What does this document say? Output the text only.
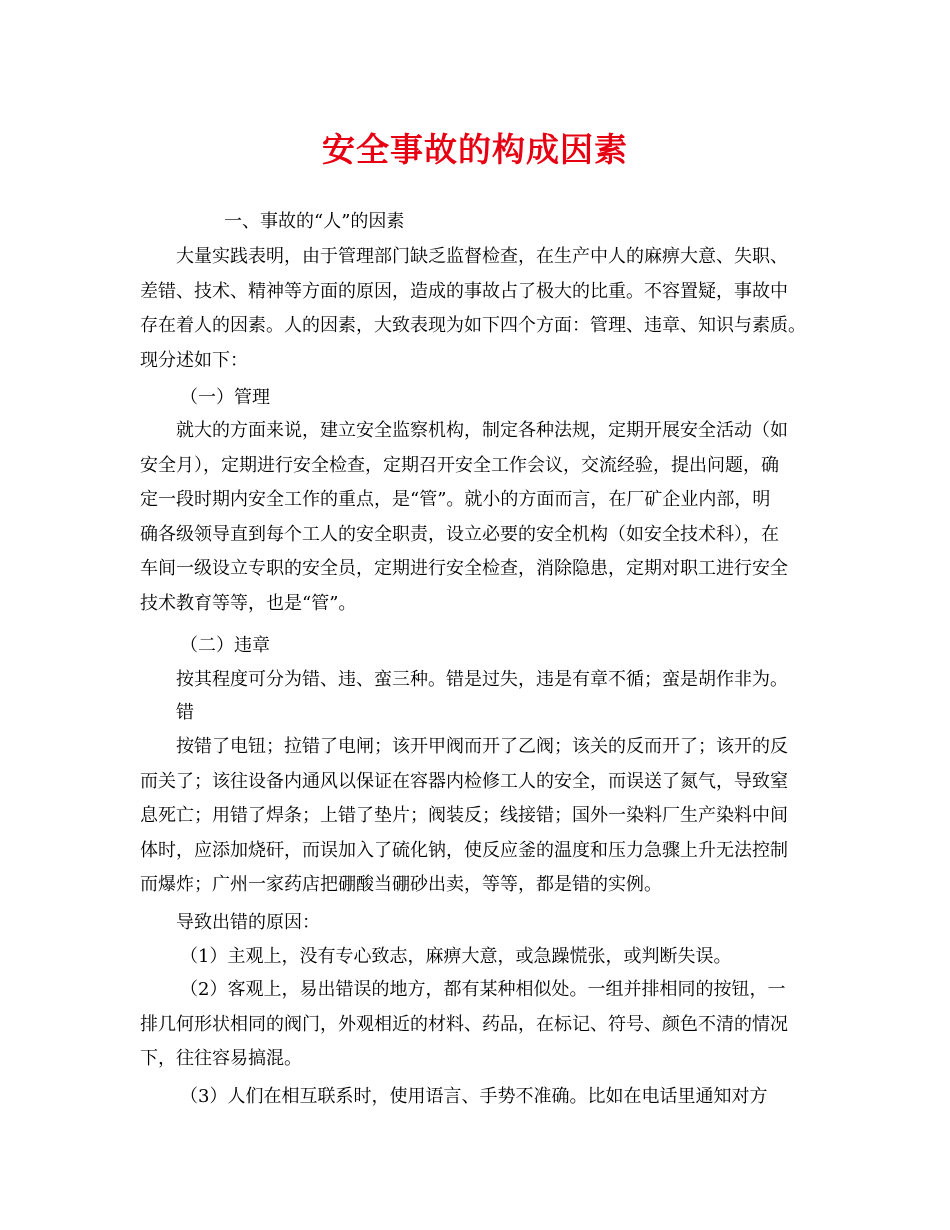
安全事故的构成因素
一、事故的“人”的因素
大量实践表明，由于管理部门缺乏监督检查，在生产中人的麻痹大意、失职、
差错、技术、精神等方面的原因，造成的事故占了极大的比重。不容置疑，事故中
存在着人的因素。人的因素，大致表现为如下四个方面：管理、违章、知识与素质。
现分述如下：
（一）管理
就大的方面来说，建立安全监察机构，制定各种法规，定期开展安全活动（如
安全月），定期进行安全检查，定期召开安全工作会议，交流经验，提出问题，确
定一段时期内安全工作的重点，是“管”。就小的方面而言，在厂矿企业内部，明
确各级领导直到每个工人的安全职责，设立必要的安全机构（如安全技术科），在
车间一级设立专职的安全员，定期进行安全检查，消除隐患，定期对职工进行安全
技术教育等等，也是“管”。
（二）违章
按其程度可分为错、违、蛮三种。错是过失，违是有章不循；蛮是胡作非为。
错
按错了电钮；拉错了电闸；该开甲阀而开了乙阀；该关的反而开了；该开的反
而关了；该往设备内通风以保证在容器内检修工人的安全，而误送了氮气，导致窒
息死亡；用错了焊条；上错了垫片；阀装反；线接错；国外一染料厂生产染料中间
体时，应添加烧矸，而误加入了硫化钠，使反应釜的温度和压力急骤上升无法控制
而爆炸；广州一家药店把硼酸当硼砂出卖，等等，都是错的实例。
导致出错的原因：
（1）主观上，没有专心致志，麻痹大意，或急躁慌张，或判断失误。
（2）客观上，易出错误的地方，都有某种相似处。一组并排相同的按钮，一
排几何形状相同的阀门，外观相近的材料、药品，在标记、符号、颜色不清的情况
下，往往容易搞混。
（3）人们在相互联系时，使用语言、手势不准确。比如在电话里通知对方
